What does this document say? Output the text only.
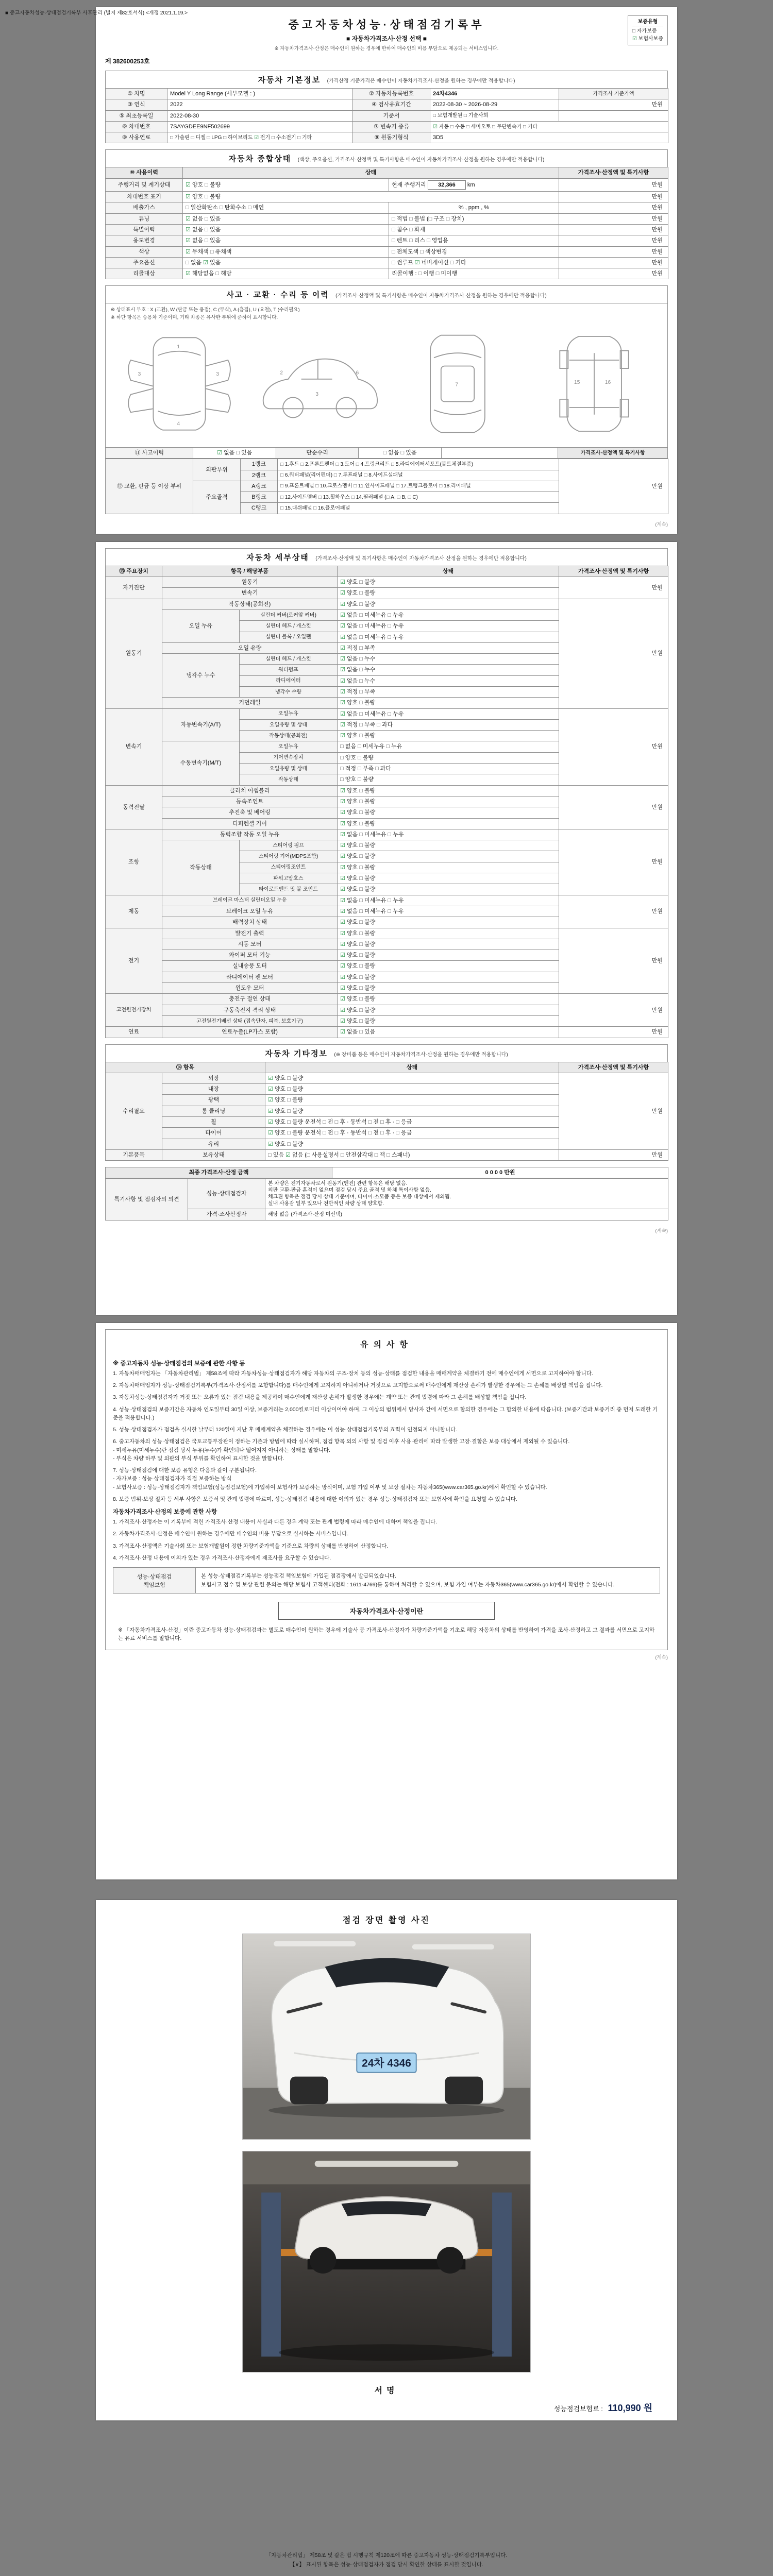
■ 중고자동차성능·상태점검기록부 사후관리 (별지 제82호서식) <개정 2021.1.19.>
중고자동차성능·상태점검기록부
■ 자동차가격조사·산정 선택 ■
※ 자동차가격조사·산정은 매수인이 원하는 경우에 한하여 매수인의 비용 부담으로 제공되는 서비스입니다.
보증유형
□ 자가보증
☑ 보험사보증
제 382600253호
자동차 기본정보 (가격산정 기준가격은 매수인이 자동차가격조사·산정을 원하는 경우에만 적용합니다)
① 차명	Model Y Long Range (세부모델 : )	② 자동차등록번호	24차4346	가격조사 기준가액
③ 연식	2022	④ 검사유효기간	2022-08-30 ~ 2026-08-29	만원
⑤ 최초등록일	2022-08-30	기준서	□ 보험개발원 □ 기술사회	
⑥ 차대번호	7SAYGDEE9NF502699	⑦ 변속기 종류	☑ 자동 □ 수동 □ 세미오토 □ 무단변속기 □ 기타	
⑧ 사용연료	□ 가솔린 □ 디젤 □ LPG □ 하이브리드 ☑ 전기 □ 수소전기 □ 기타	⑨ 원동기형식	3D5	
자동차 종합상태 (색상, 주요옵션, 가격조사·산정액 및 특기사항은 매수인이 자동차가격조사·산정을 원하는 경우에만 적용합니다)
⑩ 사용이력	상태		가격조사·산정액 및 특기사항
주행거리 및 계기상태	☑ 양호 □ 불량	현재 주행거리 32,366 km	만원
차대번호 표기	☑ 양호 □ 불량		만원
배출가스	□ 일산화탄소 □ 탄화수소 □ 매연	% , ppm , %	만원
튜닝	☑ 없음 □ 있음	□ 적법 □ 불법 (□ 구조 □ 장치)	만원
특별이력	☑ 없음 □ 있음	□ 침수 □ 화재	만원
용도변경	☑ 없음 □ 있음	□ 렌트 □ 리스 □ 영업용	만원
색상	☑ 무채색 □ 유채색	□ 전체도색 □ 색상변경	만원
주요옵션	□ 없음 ☑ 있음	□ 썬루프 ☑ 네비게이션 □ 기타	만원
리콜대상	☑ 해당없음 □ 해당	리콜이행 : □ 이행 □ 미이행	만원
사고 · 교환 · 수리 등 이력 (가격조사·산정액 및 특기사항은 매수인이 자동차가격조사·산정을 원하는 경우에만 적용합니다)
※ 상태표시 부호 : X (교환), W (판금 또는 용접), C (부식), A (흠집), U (요철), T (수리필요)
※ 하단 항목은 승용차 기준이며, 기타 차종은 유사한 부위에 준하여 표시합니다.
1
3	3
4
2
3
6
7	15	16
⑪ 사고이력	☑ 없음 □ 있음	단순수리	□ 없음 □ 있음		가격조사·산정액 및 특기사항
⑫ 교환, 판금 등 이상 부위	외판부위	1랭크	□ 1.후드 □ 2.프론트펜더 □ 3.도어 □ 4.트렁크리드 □ 5.라디에이터서포트(볼트체결부품)	만원
		2랭크	□ 6.쿼터패널(리어펜더) □ 7.루프패널 □ 8.사이드실패널	
	주요골격	A랭크	□ 9.프론트패널 □ 10.크로스멤버 □ 11.인사이드패널 □ 17.트렁크플로어 □ 18.리어패널	
		B랭크	□ 12.사이드멤버 □ 13.휠하우스 □ 14.필러패널 (□ A, □ B, □ C)	
		C랭크	□ 15.대쉬패널 □ 16.플로어패널	
(계속)
자동차 세부상태 (가격조사·산정액 및 특기사항은 매수인이 자동차가격조사·산정을 원하는 경우에만 적용합니다)
⑬ 주요장치	항목 / 해당부품		상태	가격조사·산정액 및 특기사항
자기진단	원동기		☑ 양호 □ 불량	만원
	변속기		☑ 양호 □ 불량	
원동기	작동상태(공회전)		☑ 양호 □ 불량	만원
	오일 누유	실린더 커버(로커암 커버)	☑ 없음 □ 미세누유 □ 누유	
		실린더 헤드 / 개스킷	☑ 없음 □ 미세누유 □ 누유	
		실린더 블록 / 오일팬	☑ 없음 □ 미세누유 □ 누유	
	오일 유량		☑ 적정 □ 부족	
	냉각수 누수	실린더 헤드 / 개스킷	☑ 없음 □ 누수	
		워터펌프	☑ 없음 □ 누수	
		라디에이터	☑ 없음 □ 누수	
		냉각수 수량	☑ 적정 □ 부족	
	커먼레일		☑ 양호 □ 불량	
변속기	자동변속기(A/T)	오일누유	☑ 없음 □ 미세누유 □ 누유	만원
		오일유량 및 상태	☑ 적정 □ 부족 □ 과다	
		작동상태(공회전)	☑ 양호 □ 불량	
	수동변속기(M/T)	오일누유	□ 없음 □ 미세누유 □ 누유	
		기어변속장치	□ 양호 □ 불량	
		오일유량 및 상태	□ 적정 □ 부족 □ 과다	
		작동상태	□ 양호 □ 불량	
동력전달	클러치 어셈블리		☑ 양호 □ 불량	만원
	등속조인트		☑ 양호 □ 불량	
	추진축 및 베어링		☑ 양호 □ 불량	
	디퍼렌셜 기어		☑ 양호 □ 불량	
조향	동력조향 작동 오일 누유		☑ 없음 □ 미세누유 □ 누유	만원
	작동상태	스티어링 펌프	☑ 양호 □ 불량	
		스티어링 기어(MDPS포함)	☑ 양호 □ 불량	
		스티어링조인트	☑ 양호 □ 불량	
		파워고압호스	☑ 양호 □ 불량	
		타이로드엔드 및 볼 조인트	☑ 양호 □ 불량	
제동	브레이크 마스터 실린더오일 누유		☑ 없음 □ 미세누유 □ 누유	만원
	브레이크 오일 누유		☑ 없음 □ 미세누유 □ 누유	
	배력장치 상태		☑ 양호 □ 불량	
전기	발전기 출력		☑ 양호 □ 불량	만원
	시동 모터		☑ 양호 □ 불량	
	와이퍼 모터 기능		☑ 양호 □ 불량	
	실내송풍 모터		☑ 양호 □ 불량	
	라디에이터 팬 모터		☑ 양호 □ 불량	
	윈도우 모터		☑ 양호 □ 불량	
고전원전기장치	충전구 절연 상태		☑ 양호 □ 불량	만원
	구동축전지 격리 상태		☑ 양호 □ 불량	
	고전원전기배선 상태 (접속단자, 피복, 보호기구)		☑ 양호 □ 불량	
연료	연료누출(LP가스 포함)		☑ 없음 □ 있음	만원
자동차 기타정보 (※ 장비품 등은 매수인이 자동차가격조사·산정을 원하는 경우에만 적용합니다)
⑭ 항목		상태	가격조사·산정액 및 특기사항
수리필요	외장	☑ 양호 □ 불량	만원
	내장	☑ 양호 □ 불량	
	광택	☑ 양호 □ 불량	
	룸 클리닝	☑ 양호 □ 불량	
	휠	☑ 양호 □ 불량 운전석 □ 전 □ 후 · 동반석 □ 전 □ 후 · □ 응급	
	타이어	☑ 양호 □ 불량 운전석 □ 전 □ 후 · 동반석 □ 전 □ 후 · □ 응급	
	유리	☑ 양호 □ 불량	
기본품목	보유상태	□ 있음 ☑ 없음 (□ 사용설명서 □ 안전삼각대 □ 잭 □ 스패너)	만원
최종 가격조사·산정 금액	0 0 0 0 만원
특기사항 및 점검자의 의견	성능·상태점검자	본 차량은 전기자동차로서 원동기(엔진) 관련 항목은 해당 없음.
외판 교환·판금 흔적이 없으며 점검 당시 주요 골격 및 하체 특이사항 없음.
체크된 항목은 점검 당시 상태 기준이며, 타이어·소모품 등은 보증 대상에서 제외됨.
실내 사용감 일부 있으나 전반적인 차량 상태 양호함.
	가격·조사산정자	해당 없음 (가격조사·산정 미선택)
(계속)
유의사항
※ 중고자동차 성능·상태점검의 보증에 관한 사항 등
1. 자동차매매업자는 「자동차관리법」 제58조에 따라 자동차성능·상태점검자가 해당 자동차의 구조·장치 등의 성능·상태를 점검한 내용을 매매계약을 체결하기 전에 매수인에게 서면으로 고지하여야 합니다.
2. 자동차매매업자가 성능·상태점검기록부(가격조사·산정서를 포함합니다)를 매수인에게 고지하지 아니하거나 거짓으로 고지함으로써 매수인에게 재산상 손해가 발생한 경우에는 그 손해를 배상할 책임을 집니다.
3. 자동차성능·상태점검자가 거짓 또는 오류가 있는 점검 내용을 제공하여 매수인에게 재산상 손해가 발생한 경우에는 계약 또는 관계 법령에 따라 그 손해를 배상할 책임을 집니다.
4. 성능·상태점검의 보증기간은 자동차 인도일부터 30일 이상, 보증거리는 2,000킬로미터 이상이어야 하며, 그 이상의 범위에서 당사자 간에 서면으로 합의한 경우에는 그 합의한 내용에 따릅니다. (보증기간과 보증거리 중 먼저 도래한 기준을 적용합니다.)
5. 성능·상태점검자가 점검을 실시한 날부터 120일이 지난 후 매매계약을 체결하는 경우에는 이 성능·상태점검기록부의 효력이 인정되지 아니합니다.
6. 중고자동차의 성능·상태점검은 국토교통부장관이 정하는 기준과 방법에 따라 실시하며, 점검 항목 외의 사항 및 점검 이후 사용·관리에 따라 발생한 고장·결함은 보증 대상에서 제외될 수 있습니다.
- 미세누유(미세누수)란 점검 당시 누유(누수)가 확인되나 떨어지지 아니하는 상태를 말합니다.
- 부식은 차량 하부 및 외판의 부식 부위를 확인하여 표시한 것을 말합니다.
7. 성능·상태점검에 대한 보증 유형은 다음과 같이 구분됩니다.
- 자가보증 : 성능·상태점검자가 직접 보증하는 방식
- 보험사보증 : 성능·상태점검자가 책임보험(성능점검보험)에 가입하여 보험사가 보증하는 방식이며, 보험 가입 여부 및 보상 절차는 자동차365(www.car365.go.kr)에서 확인할 수 있습니다.
8. 보증 범위·보상 절차 등 세부 사항은 보증서 및 관계 법령에 따르며, 성능·상태점검 내용에 대한 이의가 있는 경우 성능·상태점검자 또는 보험사에 확인을 요청할 수 있습니다.
자동차가격조사·산정의 보증에 관한 사항
1. 가격조사·산정자는 이 기록부에 적힌 가격조사·산정 내용이 사실과 다른 경우 계약 또는 관계 법령에 따라 매수인에 대하여 책임을 집니다.
2. 자동차가격조사·산정은 매수인이 원하는 경우에만 매수인의 비용 부담으로 실시하는 서비스입니다.
3. 가격조사·산정액은 기술사회 또는 보험개발원이 정한 차량기준가액을 기준으로 차량의 상태를 반영하여 산정합니다.
4. 가격조사·산정 내용에 이의가 있는 경우 가격조사·산정자에게 재조사를 요구할 수 있습니다.
성능·상태점검
책임보험
본 성능·상태점검기록부는 성능점검 책임보험에 가입된 점검장에서 발급되었습니다.
보험사고 접수 및 보상 관련 문의는 해당 보험사 고객센터(전화 : 1611-4769)를 통하여 처리할 수 있으며, 보험 가입 여부는 자동차365(www.car365.go.kr)에서 확인할 수 있습니다.
자동차가격조사·산정이란
※ 「자동차가격조사·산정」이란 중고자동차 성능·상태점검과는 별도로 매수인이 원하는 경우에 기술사 등 가격조사·산정자가 차량기준가액을 기초로 해당 자동차의 상태를 반영하여 가격을 조사·산정하고 그 결과를 서면으로 고지하는 유료 서비스를 말합니다.
(계속)
점검 장면 촬영 사진
24차 4346
서명
성능점검보험료 : 110,990 원
「자동차관리법」 제58조 및 같은 법 시행규칙 제120조에 따른 중고자동차 성능·상태점검기록부입니다.
【∨】 표시된 항목은 성능·상태점검자가 점검 당시 확인한 상태를 표시한 것입니다.
